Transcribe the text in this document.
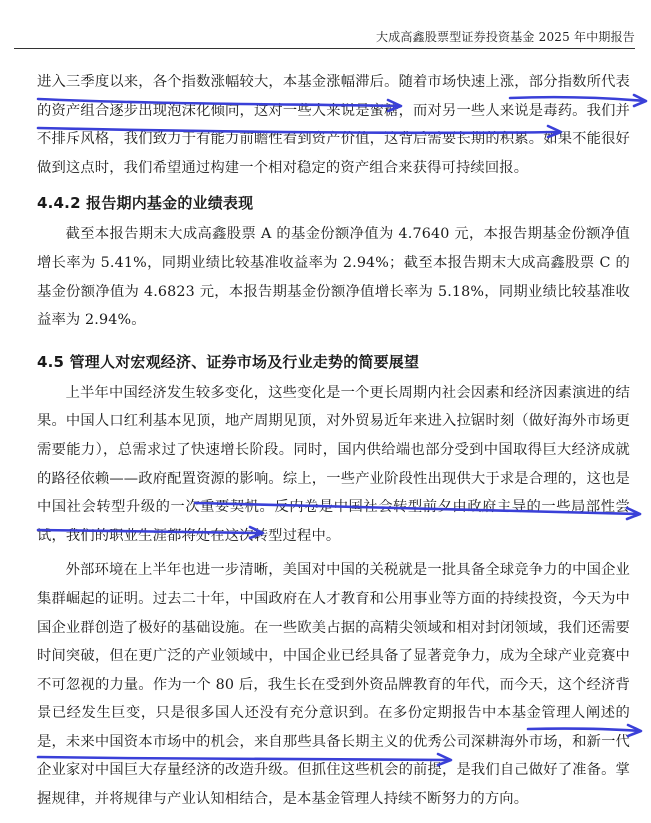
大成高鑫股票型证券投资基金 2025 年中期报告

进入三季度以来，各个指数涨幅较大，本基金涨幅滞后。随着市场快速上涨，部分指数所代表的资产组合逐步出现泡沫化倾向，这对一些人来说是蜜糖，而对另一些人来说是毒药。我们并不排斥风格，我们致力于有能力前瞻性看到资产价值，这背后需要长期的积累。如果不能很好做到这点时，我们希望通过构建一个相对稳定的资产组合来获得可持续回报。

4.4.2 报告期内基金的业绩表现

截至本报告期末大成高鑫股票 A 的基金份额净值为 4.7640 元，本报告期基金份额净值增长率为 5.41%，同期业绩比较基准收益率为 2.94%；截至本报告期末大成高鑫股票 C 的基金份额净值为 4.6823 元，本报告期基金份额净值增长率为 5.18%，同期业绩比较基准收益率为 2.94%。

4.5 管理人对宏观经济、证券市场及行业走势的简要展望

上半年中国经济发生较多变化，这些变化是一个更长周期内社会因素和经济因素演进的结果。中国人口红利基本见顶，地产周期见顶，对外贸易近年来进入拉锯时刻（做好海外市场更需要能力），总需求过了快速增长阶段。同时，国内供给端也部分受到中国取得巨大经济成就的路径依赖——政府配置资源的影响。综上，一些产业阶段性出现供大于求是合理的，这也是中国社会转型升级的一次重要契机。反内卷是中国社会转型前夕由政府主导的一些局部性尝试，我们的职业生涯都将处在这次转型过程中。

外部环境在上半年也进一步清晰，美国对中国的关税就是一批具备全球竞争力的中国企业集群崛起的证明。过去二十年，中国政府在人才教育和公用事业等方面的持续投资，今天为中国企业群创造了极好的基础设施。在一些欧美占据的高精尖领域和相对封闭领域，我们还需要时间突破，但在更广泛的产业领域中，中国企业已经具备了显著竞争力，成为全球产业竞赛中不可忽视的力量。作为一个 80 后，我生长在受到外资品牌教育的年代，而今天，这个经济背景已经发生巨变，只是很多国人还没有充分意识到。在多份定期报告中本基金管理人阐述的是，未来中国资本市场中的机会，来自那些具备长期主义的优秀公司深耕海外市场，和新一代企业家对中国巨大存量经济的改造升级。但抓住这些机会的前提，是我们自己做好了准备。掌握规律，并将规律与产业认知相结合，是本基金管理人持续不断努力的方向。
